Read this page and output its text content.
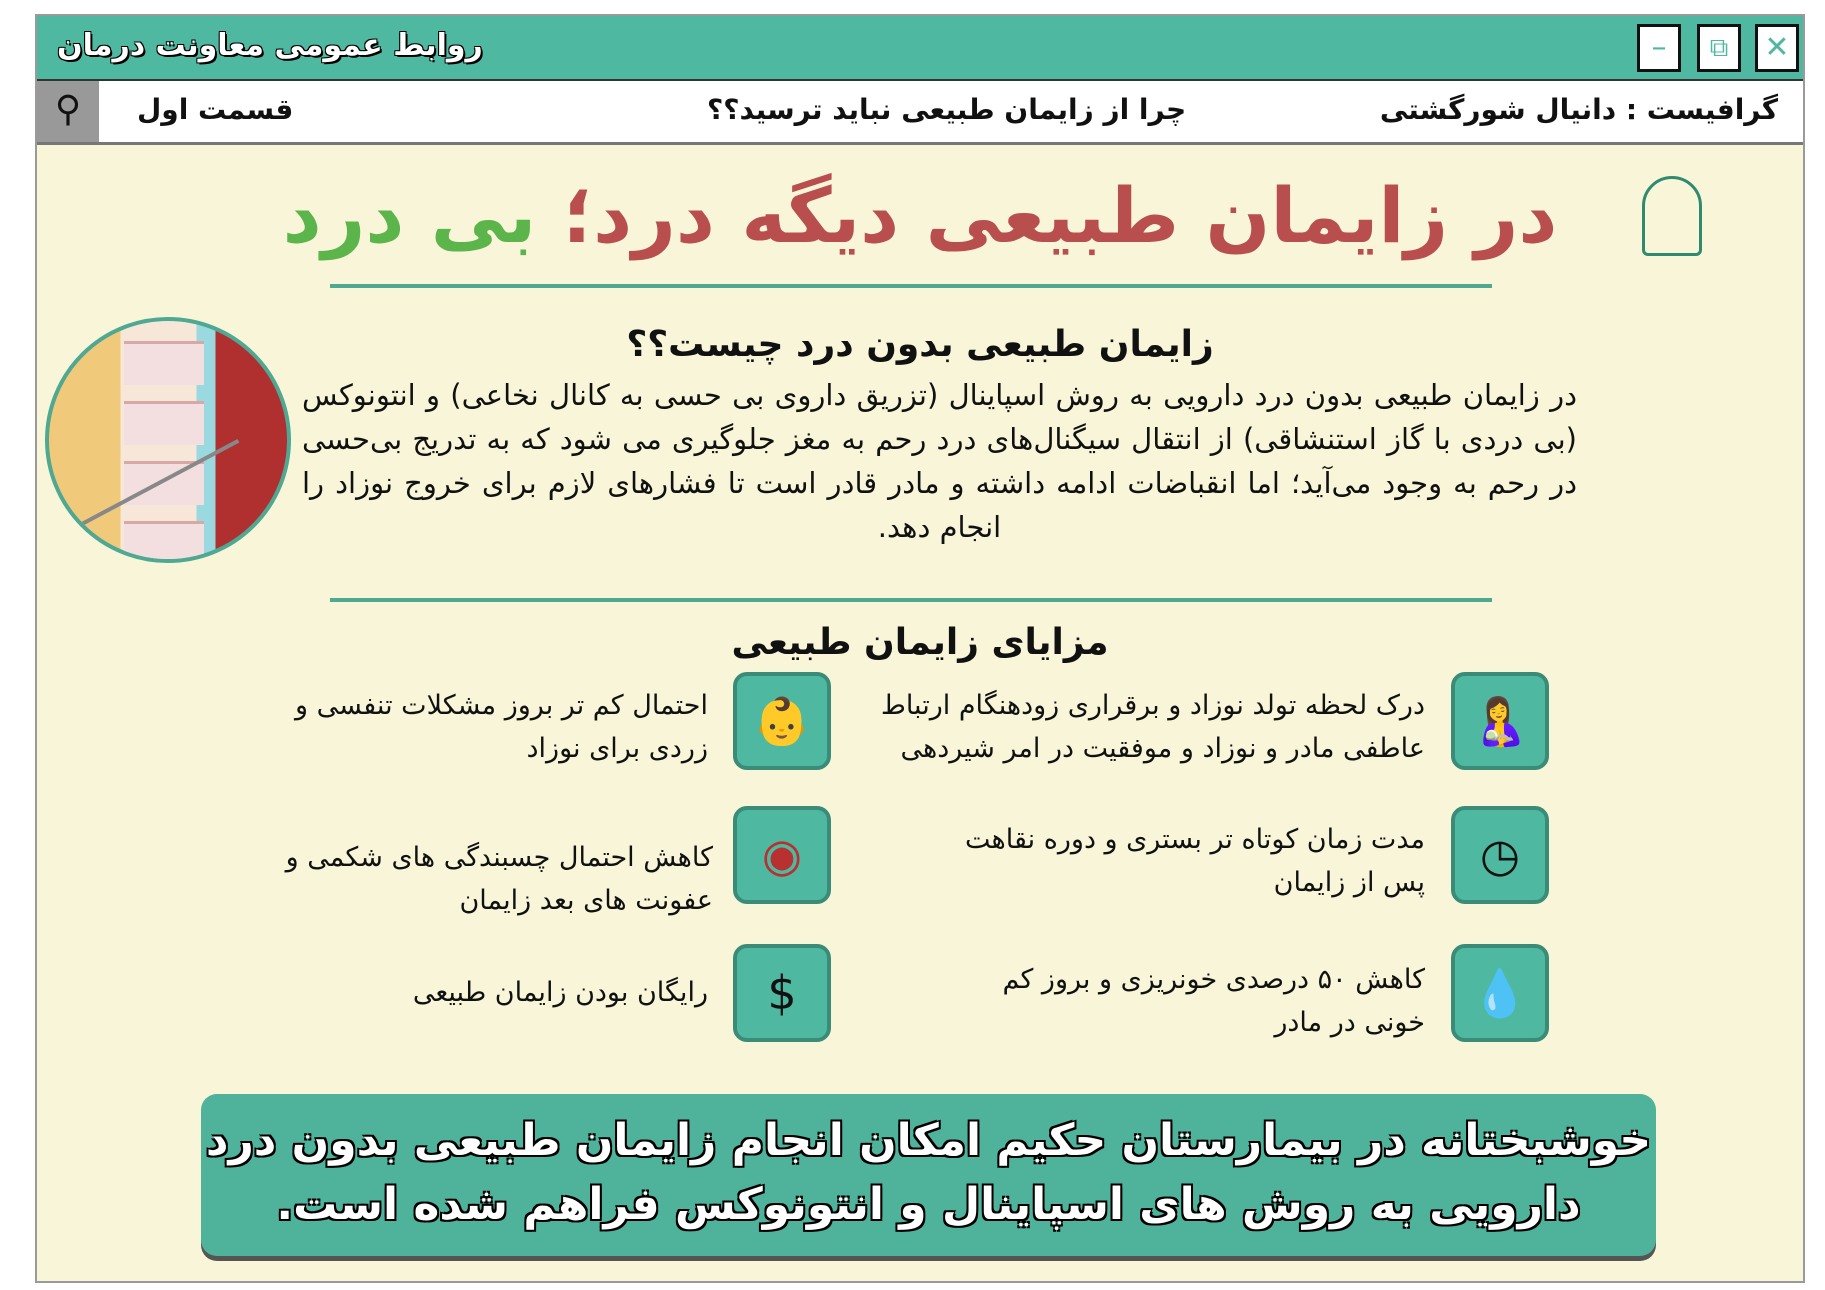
روابط عمومی معاونت درمان	–	⧉	✕
⚲	قسمت اول	چرا از زایمان طبیعی نباید ترسید؟؟	گرافیست : دانیال شورگشتی
در زایمان طبیعی دیگه درد؛ بی درد
زایمان طبیعی بدون درد چیست؟؟
در زایمان طبیعی بدون درد دارویی به روش اسپاینال (تزریق داروی بی حسی به کانال نخاعی) و انتونوکس (بی دردی با گاز استنشاقی) از انتقال سیگنال‌های درد رحم به مغز جلوگیری می شود که به تدریج بی‌حسی در رحم به وجود می‌آید؛ اما انقباضات ادامه داشته و مادر قادر است تا فشارهای لازم برای خروج نوزاد را انجام دهد.
مزایای زایمان طبیعی
🤱
درک لحظه تولد نوزاد و برقراری زودهنگام ارتباط عاطفی مادر و نوزاد و موفقیت در امر شیردهی
👶
احتمال کم تر بروز مشکلات تنفسی و زردی برای نوزاد
◷
مدت زمان کوتاه تر بستری و دوره نقاهت پس از زایمان
◉
کاهش احتمال چسبندگی های شکمی و عفونت های بعد زایمان
💧
کاهش ۵۰ درصدی خونریزی و بروز کم خونی در مادر
$
رایگان بودن زایمان طبیعی
خوشبختانه در بیمارستان حکیم امکان انجام زایمان طبیعی بدون درد دارویی به روش های اسپاینال و انتونوکس فراهم شده است.
